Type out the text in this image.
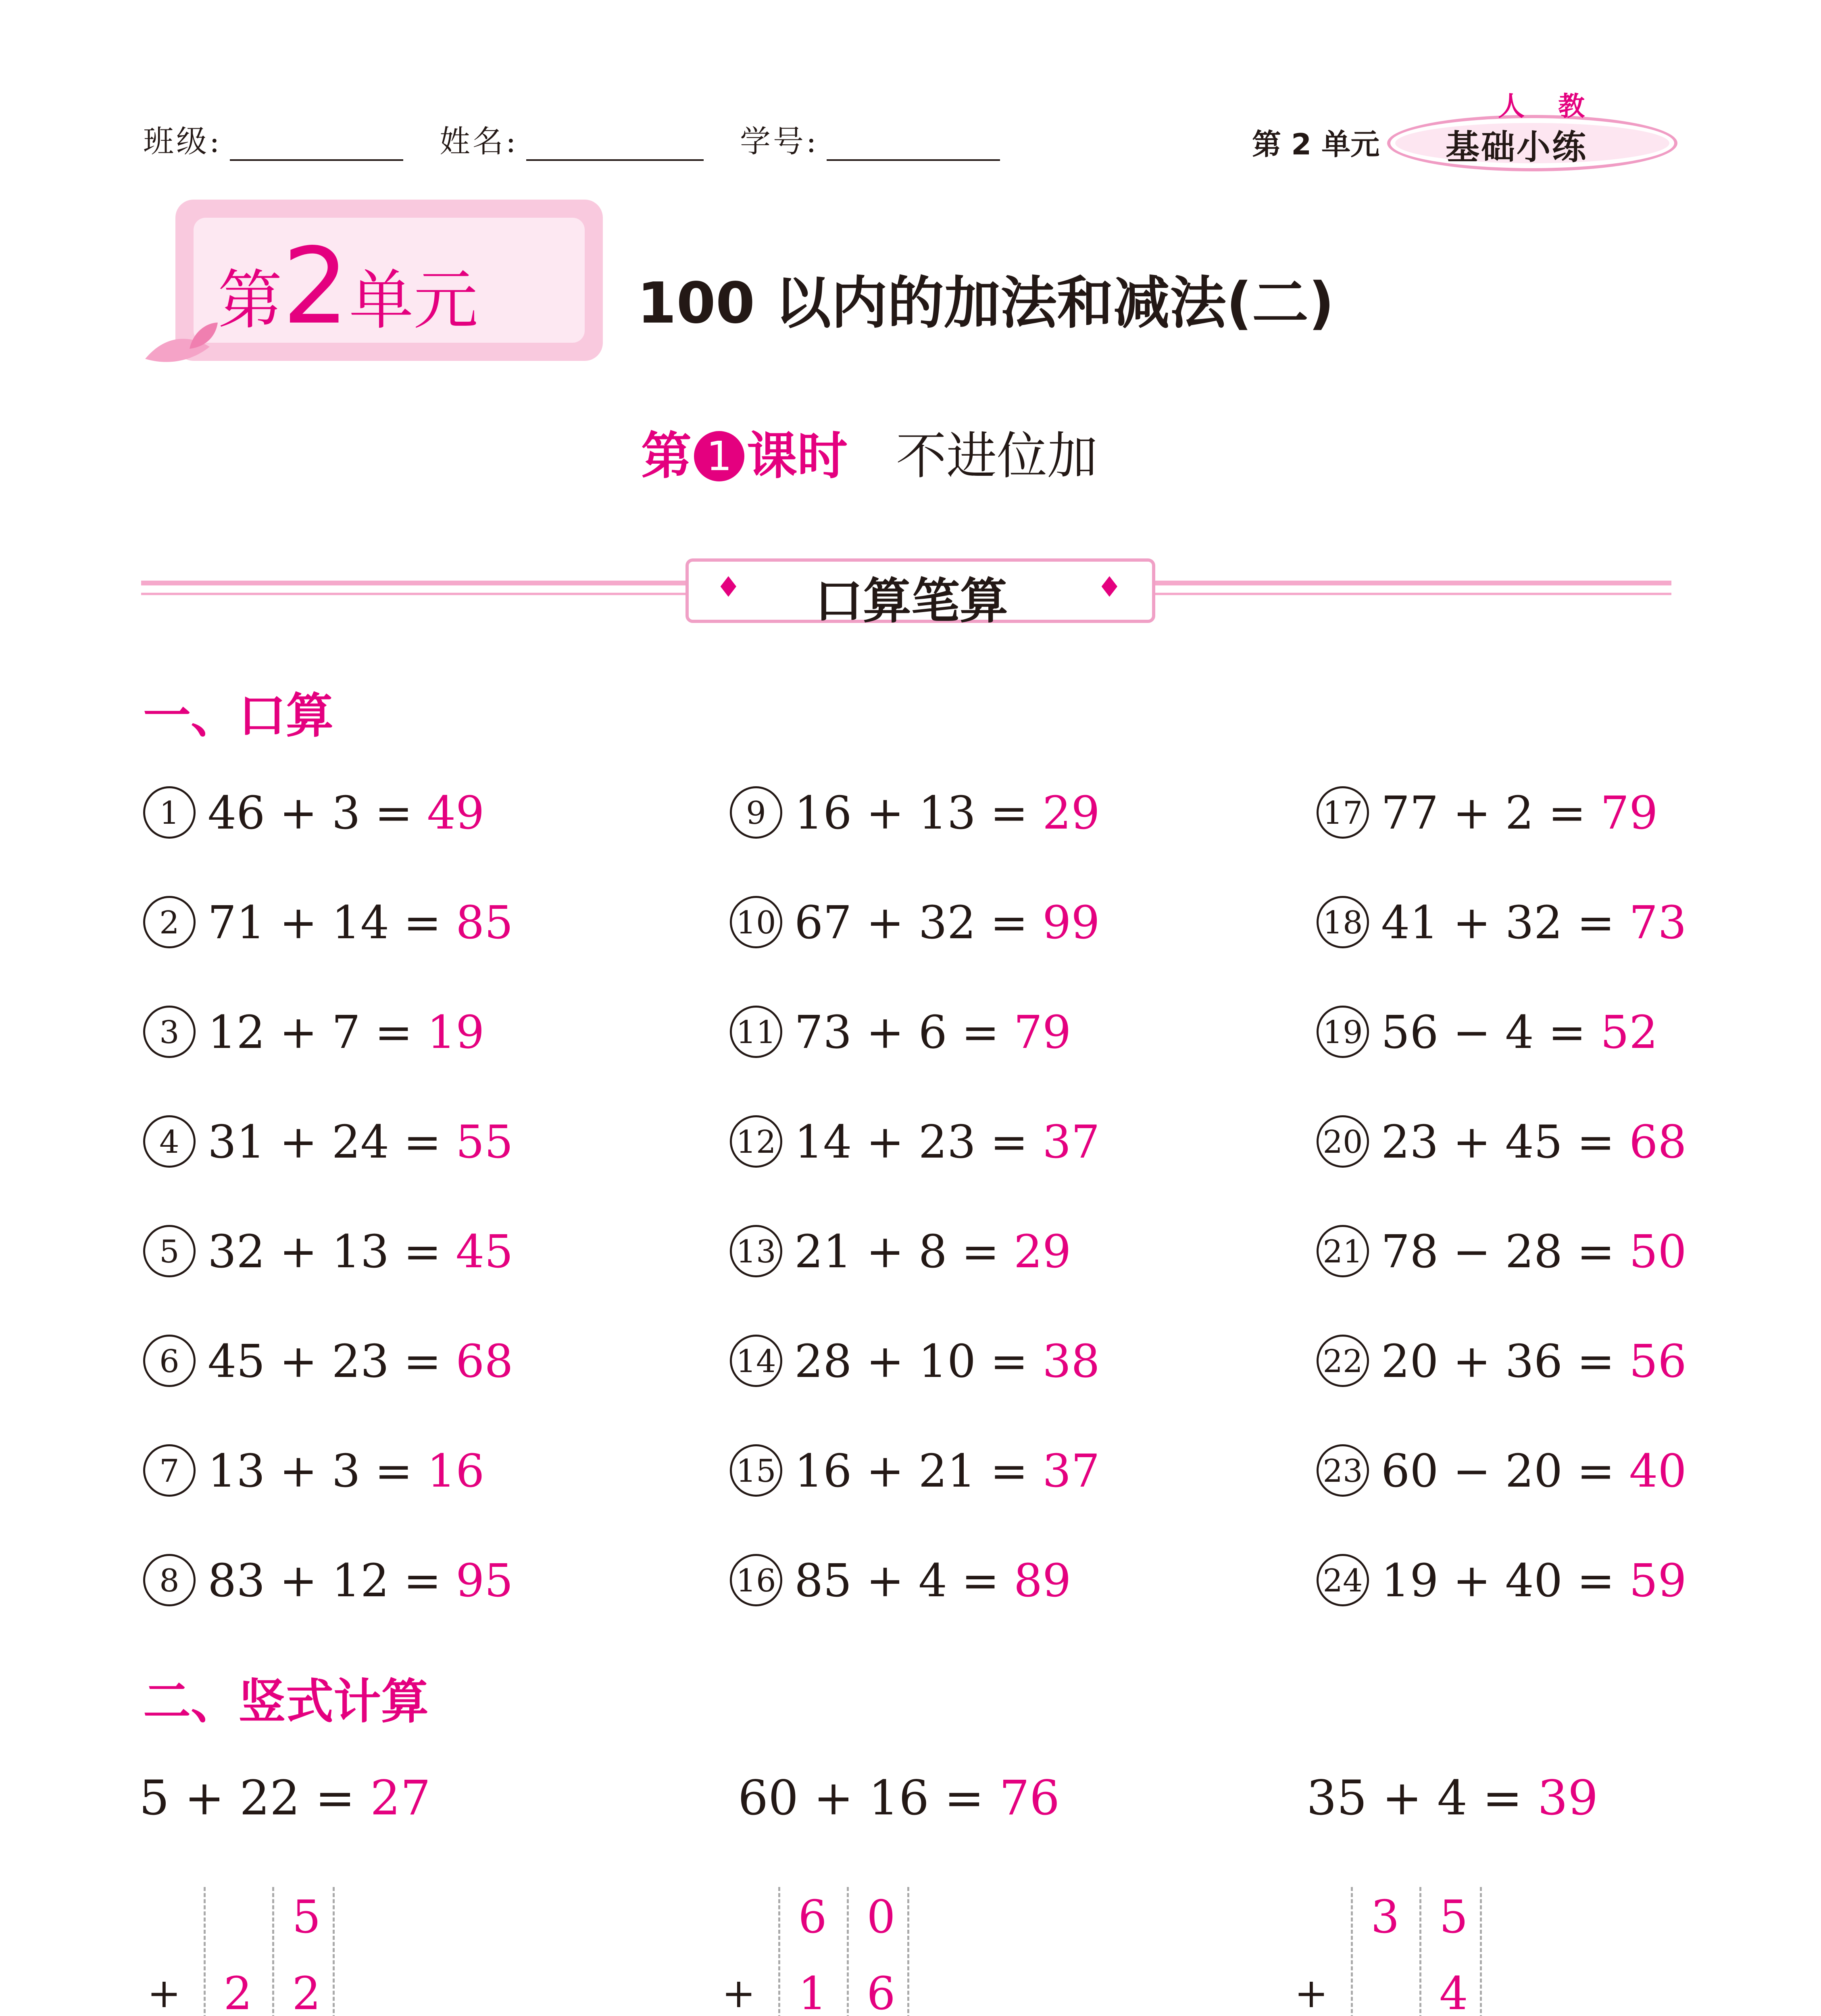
班级:	姓名:	学号:	第 2 单元
人 教
基础小练
第2单元	100 以内的加法和减法(二)
第 1 课时 不进位加
♦	♦
口算笔算
一、口算
1 46 + 3 = 49
2 71 + 14 = 85
3 12 + 7 = 19
4 31 + 24 = 55
5 32 + 13 = 45
6 45 + 23 = 68
7 13 + 3 = 16
8 83 + 12 = 95
9 16 + 13 = 29
10 67 + 32 = 99
11 73 + 6 = 79
12 14 + 23 = 37
13 21 + 8 = 29
14 28 + 10 = 38
15 16 + 21 = 37
16 85 + 4 = 89
17 77 + 2 = 79
18 41 + 32 = 73
19 56 − 4 = 52
20 23 + 45 = 68
21 78 − 28 = 50
22 20 + 36 = 56
23 60 − 20 = 40
24 19 + 40 = 59
二、竖式计算
5 + 22 = 27
+
5
2 2
60 + 16 = 76
+
6 0
1 6
35 + 4 = 39
+
3 5
4
